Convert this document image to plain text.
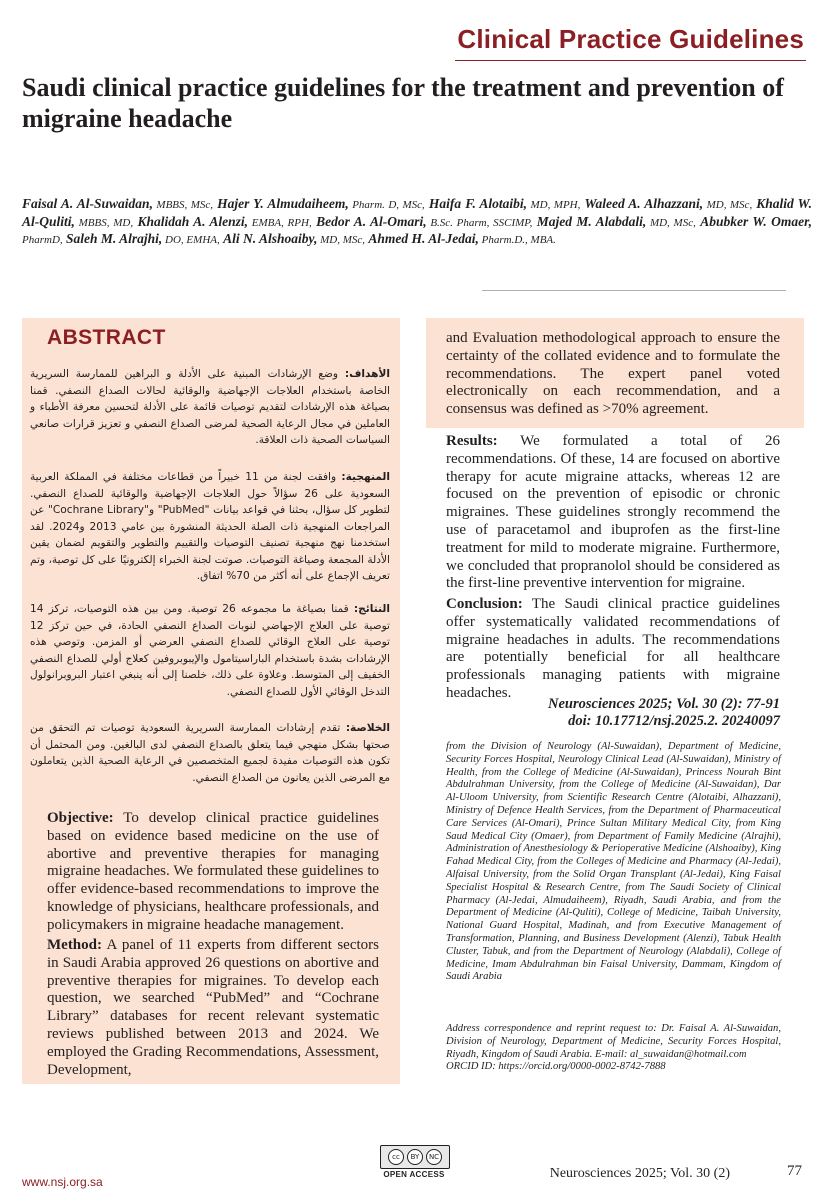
Clinical Practice Guidelines
Saudi clinical practice guidelines for the treatment and prevention of migraine headache
Faisal A. Al-Suwaidan, MBBS, MSc, Hajer Y. Almudaiheem, Pharm. D, MSc, Haifa F. Alotaibi, MD, MPH, Waleed A. Alhazzani, MD, MSc, Khalid W. Al-Quliti, MBBS, MD, Khalidah A. Alenzi, EMBA, RPH, Bedor A. Al-Omari, B.Sc. Pharm, SSCIMP, Majed M. Alabdali, MD, MSc, Abubker W. Omaer, PharmD, Saleh M. Alrajhi, DO, EMHA, Ali N. Alshoaiby, MD, MSc, Ahmed H. Al-Jedai, Pharm.D., MBA.
ABSTRACT
الأهداف: وضع الإرشادات المبنية على الأدلة و البراهين للممارسة السريرية الخاصة باستخدام العلاجات الإجهاضية والوقائية لحالات الصداع النصفي. قمنا بصياغة هذه الإرشادات لتقديم توصيات قائمة على الأدلة لتحسين معرفة الأطباء و العاملين في مجال الرعاية الصحية لمرضى الصداع النصفي و تعزيز قرارات صانعي السياسات الصحية ذات العلاقة.
المنهجية: وافقت لجنة من 11 خبيراً من قطاعات مختلفة في المملكة العربية السعودية على 26 سؤالاً حول العلاجات الإجهاضية والوقائية للصداع النصفي. لتطوير كل سؤال، بحثنا في قواعد بيانات "PubMed" و"Cochrane Library" عن المراجعات المنهجية ذات الصلة الحديثة المنشورة بين عامي 2013 و2024. لقد استخدمنا نهج منهجية تصنيف التوصيات والتقييم والتطوير والتقويم لضمان يقين الأدلة المجمعة وصياغة التوصيات. صوتت لجنة الخبراء إلكترونيًا على كل توصية، وتم تعريف الإجماع على أنه أكثر من 70% اتفاق.
النتائج: قمنا بصياغة ما مجموعه 26 توصية. ومن بين هذه التوصيات، تركز 14 توصية على العلاج الإجهاضي لنوبات الصداع النصفي الحادة، في حين تركز 12 توصية على العلاج الوقائي للصداع النصفي العرضي أو المزمن. وتوصي هذه الإرشادات بشدة باستخدام الباراسيتامول والإيبوبروفين كعلاج أولي للصداع النصفي الخفيف إلى المتوسط. وعلاوة على ذلك، خلصنا إلى أنه ينبغي اعتبار البروبرانولول التدخل الوقائي الأول للصداع النصفي.
الخلاصة: تقدم إرشادات الممارسة السريرية السعودية توصيات تم التحقق من صحتها بشكل منهجي فيما يتعلق بالصداع النصفي لدى البالغين. ومن المحتمل أن تكون هذه التوصيات مفيدة لجميع المتخصصين في الرعاية الصحية الذين يتعاملون مع المرضى الذين يعانون من الصداع النصفي.
Objective: To develop clinical practice guidelines based on evidence based medicine on the use of abortive and preventive therapies for managing migraine headaches. We formulated these guidelines to offer evidence-based recommendations to improve the knowledge of physicians, healthcare professionals, and policymakers in migraine headache management.
Method: A panel of 11 experts from different sectors in Saudi Arabia approved 26 questions on abortive and preventive therapies for migraines. To develop each question, we searched “PubMed” and “Cochrane Library” databases for recent relevant systematic reviews published between 2013 and 2024. We employed the Grading Recommendations, Assessment, Development,
and Evaluation methodological approach to ensure the certainty of the collated evidence and to formulate the recommendations. The expert panel voted electronically on each recommendation, and a consensus was defined as >70% agreement.
Results: We formulated a total of 26 recommendations. Of these, 14 are focused on abortive therapy for acute migraine attacks, whereas 12 are focused on the prevention of episodic or chronic migraines. These guidelines strongly recommend the use of paracetamol and ibuprofen as the first-line treatment for mild to moderate migraine. Furthermore, we concluded that propranolol should be considered as the first-line preventive intervention for migraine.
Conclusion: The Saudi clinical practice guidelines offer systematically validated recommendations of migraine headaches in adults. The recommendations are potentially beneficial for all healthcare professionals managing patients with migraine headaches.
Neurosciences 2025; Vol. 30 (2): 77-91
doi: 10.17712/nsj.2025.2. 20240097
from the Division of Neurology (Al-Suwaidan), Department of Medicine, Security Forces Hospital, Neurology Clinical Lead (Al-Suwaidan), Ministry of Health, from the College of Medicine (Al-Suwaidan), Princess Nourah Bint Abdulrahman University, from the College of Medicine (Al-Suwaidan), Dar Al-Uloom University, from Scientific Research Centre (Alotaibi, Alhazzani), Ministry of Defence Health Services, from the Department of Pharmaceutical Care Services (Al-Omari), Prince Sultan Military Medical City, from King Saud Medical City (Omaer), from Department of Family Medicine (Alrajhi), Administration of Anesthesiology & Perioperative Medicine (Alshoaiby), King Fahad Medical City, from the Colleges of Medicine and Pharmacy (Al-Jedai), Alfaisal University, from the Solid Organ Transplant (Al-Jedai), King Faisal Specialist Hospital & Research Centre, from The Saudi Society of Clinical Pharmacy (Al-Jedai, Almudaiheem), Riyadh, Saudi Arabia, and from the Department of Medicine (Al-Quliti), College of Medicine, Taibah University, National Guard Hospital, Madinah, and from Executive Management of Transformation, Planning, and Business Development (Alenzi), Tabuk Health Cluster, Tabuk, and from the Department of Neurology (Alabdali), College of Medicine, Imam Abdulrahman bin Faisal University, Dammam, Kingdom of Saudi Arabia
Address correspondence and reprint request to: Dr. Faisal A. Al-Suwaidan, Division of Neurology, Department of Medicine, Security Forces Hospital, Riyadh, Kingdom of Saudi Arabia. E-mail: al_suwaidan@hotmail.com
ORCID ID: https://orcid.org/0000-0002-8742-7888
cc	BY	NC
OPEN ACCESS
www.nsj.org.sa
Neurosciences 2025; Vol. 30 (2)	77
